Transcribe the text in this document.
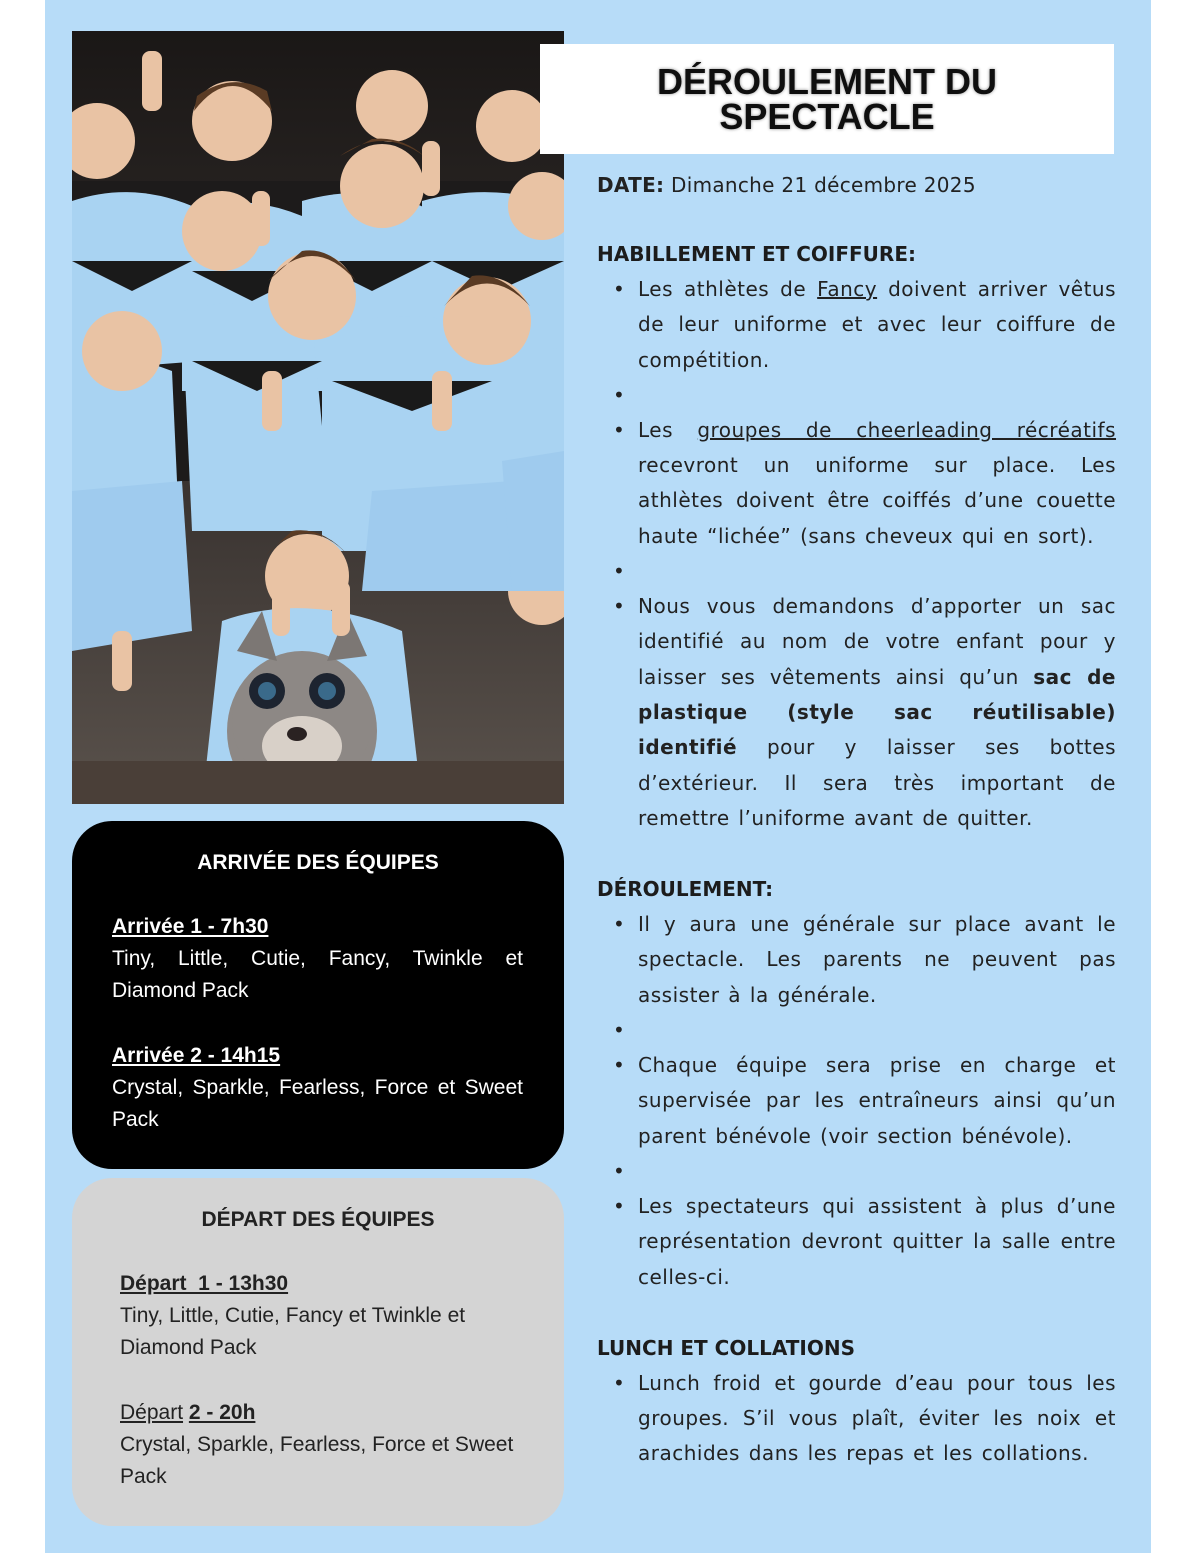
DÉROULEMENT DU SPECTACLE

DATE: Dimanche 21 décembre 2025

HABILLEMENT ET COIFFURE:

• Les athlètes de Fancy doivent arriver vêtus de leur uniforme et avec leur coiffure de compétition.
•
• Les groupes de cheerleading récréatifs recevront un uniforme sur place. Les athlètes doivent être coiffés d’une couette haute “lichée” (sans cheveux qui en sort).
•
• Nous vous demandons d’apporter un sac identifié au nom de votre enfant pour y laisser ses vêtements ainsi qu’un sac de plastique (style sac réutilisable) identifié pour y laisser ses bottes d’extérieur. Il sera très important de remettre l’uniforme avant de quitter.

DÉROULEMENT:

• Il y aura une générale sur place avant le spectacle. Les parents ne peuvent pas assister à la générale.
•
• Chaque équipe sera prise en charge et supervisée par les entraîneurs ainsi qu’un parent bénévole (voir section bénévole).
•
• Les spectateurs qui assistent à plus d’une représentation devront quitter la salle entre celles-ci.

LUNCH ET COLLATIONS

• Lunch froid et gourde d’eau pour tous les groupes. S’il vous plaît, éviter les noix et arachides dans les repas et les collations.
ARRIVÉE DES ÉQUIPES
Arrivée 1 - 7h30
Tiny, Little, Cutie, Fancy, Twinkle et Diamond Pack
Arrivée 2 - 14h15
Crystal, Sparkle, Fearless, Force et Sweet Pack
DÉPART DES ÉQUIPES
Départ  1 - 13h30
Tiny, Little, Cutie, Fancy et Twinkle et Diamond Pack
Départ 2 - 20h
Crystal, Sparkle, Fearless, Force et Sweet Pack
